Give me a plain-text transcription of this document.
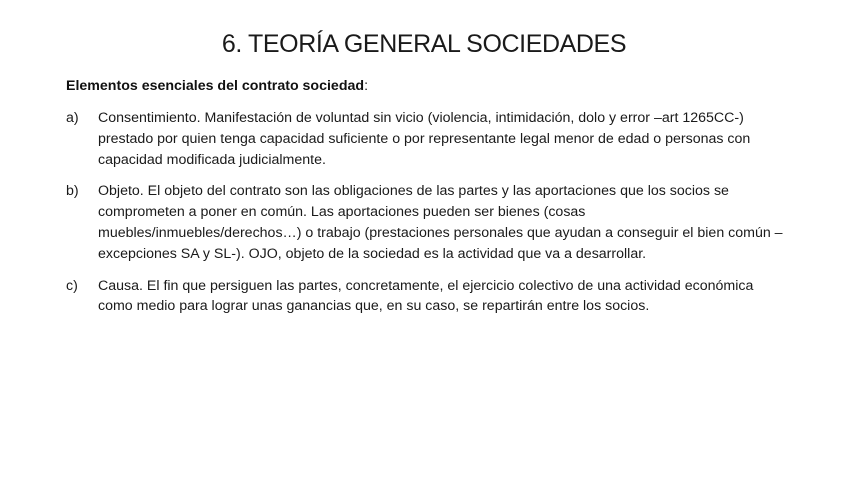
6. TEORÍA GENERAL SOCIEDADES
Elementos esenciales del contrato sociedad:
a)	Consentimiento. Manifestación de voluntad sin vicio (violencia, intimidación, dolo y error –art 1265CC-) prestado por quien tenga capacidad suficiente o por representante legal menor de edad o personas con capacidad modificada judicialmente.
b)	Objeto. El objeto del contrato son las obligaciones de las partes y las aportaciones que los socios se comprometen a poner en común. Las aportaciones pueden ser bienes (cosas muebles/inmuebles/derechos…) o trabajo (prestaciones personales que ayudan a conseguir el bien común –excepciones SA y SL-). OJO, objeto de la sociedad es la actividad que va a desarrollar.
c)	Causa. El fin que persiguen las partes, concretamente, el ejercicio colectivo de una actividad económica como medio para lograr unas ganancias que, en su caso, se repartirán entre los socios.
